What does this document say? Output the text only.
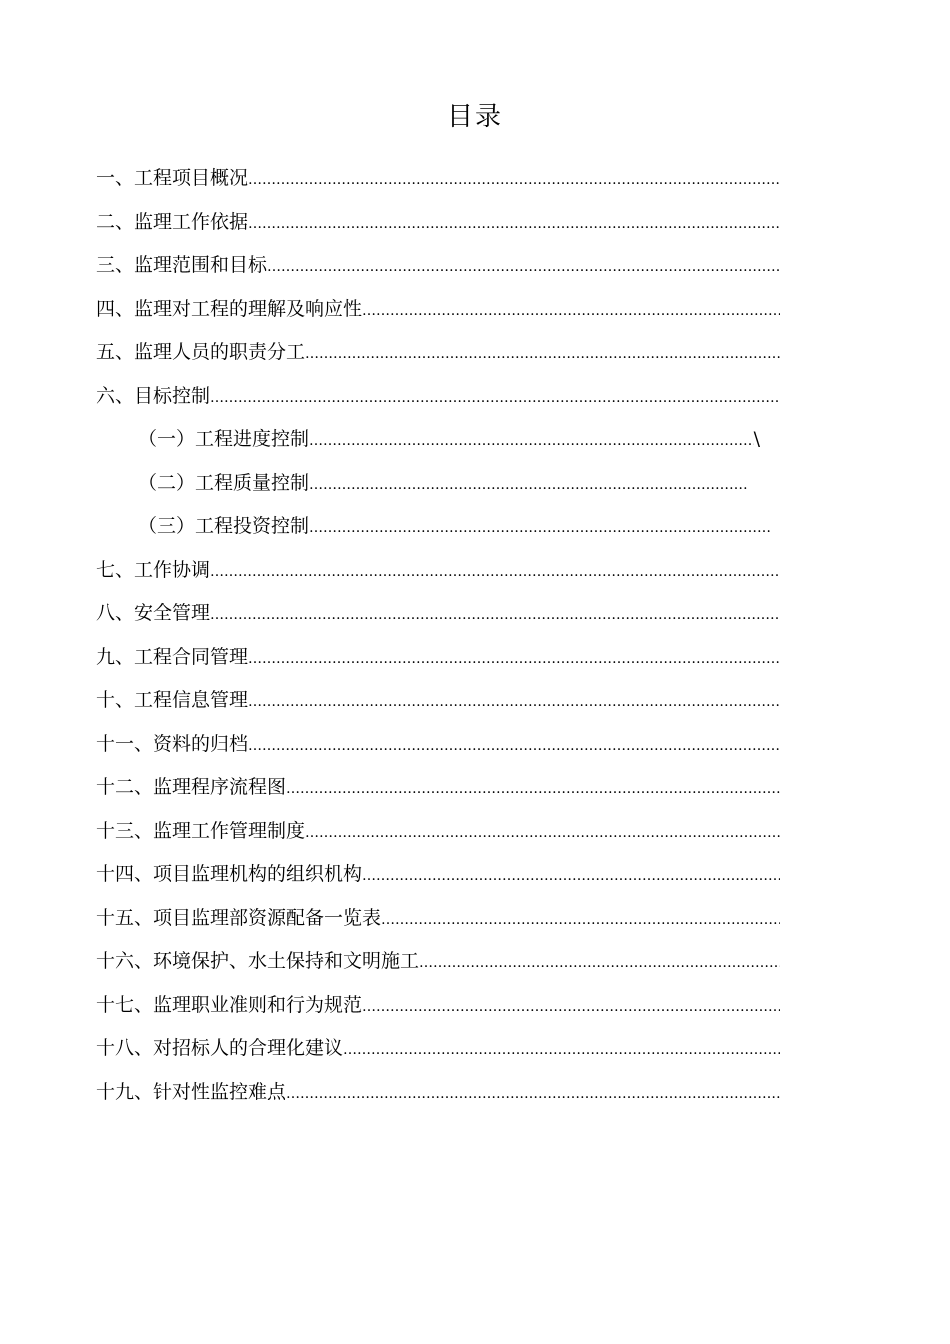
目录
一、工程项目概况
…………………………………………………………………………………………………………………………………………………………………………………………………………………………………………
二、监理工作依据
…………………………………………………………………………………………………………………………………………………………………………………………………………………………………………
三、监理范围和目标
…………………………………………………………………………………………………………………………………………………………………………………………………………………………………………
四、监理对工程的理解及响应性
…………………………………………………………………………………………………………………………………………………………………………………………………………………………………………
五、监理人员的职责分工
…………………………………………………………………………………………………………………………………………………………………………………………………………………………………………
六、目标控制
…………………………………………………………………………………………………………………………………………………………………………………………………………………………………………
（一）工程进度控制
…………………………………………………………………………………………………………………………………………………………………………………………………………………………………………	\
（二）工程质量控制
…………………………………………………………………………………………………………………………………………………………………………………………………………………………………………
（三）工程投资控制
…………………………………………………………………………………………………………………………………………………………………………………………………………………………………………
七、工作协调
…………………………………………………………………………………………………………………………………………………………………………………………………………………………………………
八、安全管理
…………………………………………………………………………………………………………………………………………………………………………………………………………………………………………
九、工程合同管理
…………………………………………………………………………………………………………………………………………………………………………………………………………………………………………
十、工程信息管理
…………………………………………………………………………………………………………………………………………………………………………………………………………………………………………
十一、资料的归档
…………………………………………………………………………………………………………………………………………………………………………………………………………………………………………
十二、监理程序流程图
…………………………………………………………………………………………………………………………………………………………………………………………………………………………………………
十三、监理工作管理制度
…………………………………………………………………………………………………………………………………………………………………………………………………………………………………………
十四、项目监理机构的组织机构
…………………………………………………………………………………………………………………………………………………………………………………………………………………………………………
十五、项目监理部资源配备一览表
…………………………………………………………………………………………………………………………………………………………………………………………………………………………………………
十六、环境保护、水土保持和文明施工
…………………………………………………………………………………………………………………………………………………………………………………………………………………………………………
十七、监理职业准则和行为规范
…………………………………………………………………………………………………………………………………………………………………………………………………………………………………………
十八、对招标人的合理化建议
…………………………………………………………………………………………………………………………………………………………………………………………………………………………………………
十九、针对性监控难点
…………………………………………………………………………………………………………………………………………………………………………………………………………………………………………
